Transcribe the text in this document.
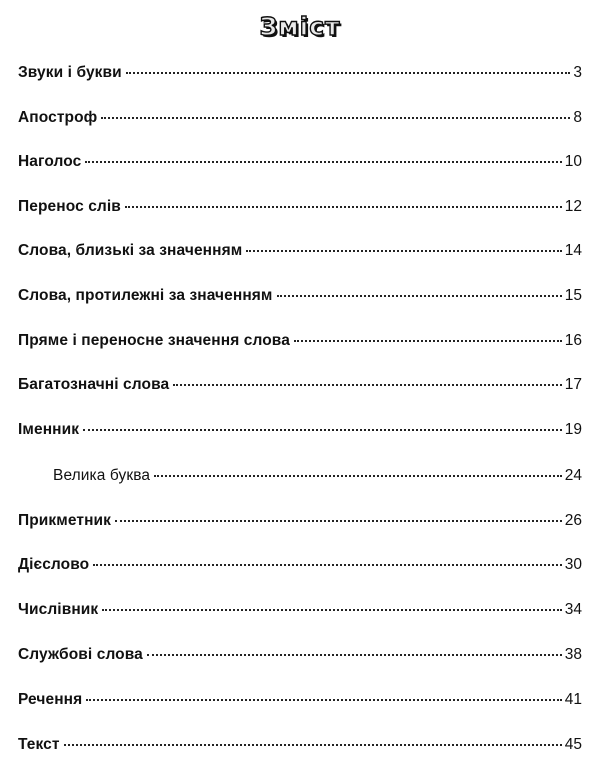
Зміст
Звуки і букви	3
Апостроф	8
Наголос	10
Перенос слів	12
Слова, близькі за значенням	14
Слова, протилежні за значенням	15
Пряме і переносне значення слова	16
Багатозначні слова	17
Іменник	19
Велика буква	24
Прикметник	26
Дієслово	30
Числівник	34
Службові слова	38
Речення	41
Текст	45
